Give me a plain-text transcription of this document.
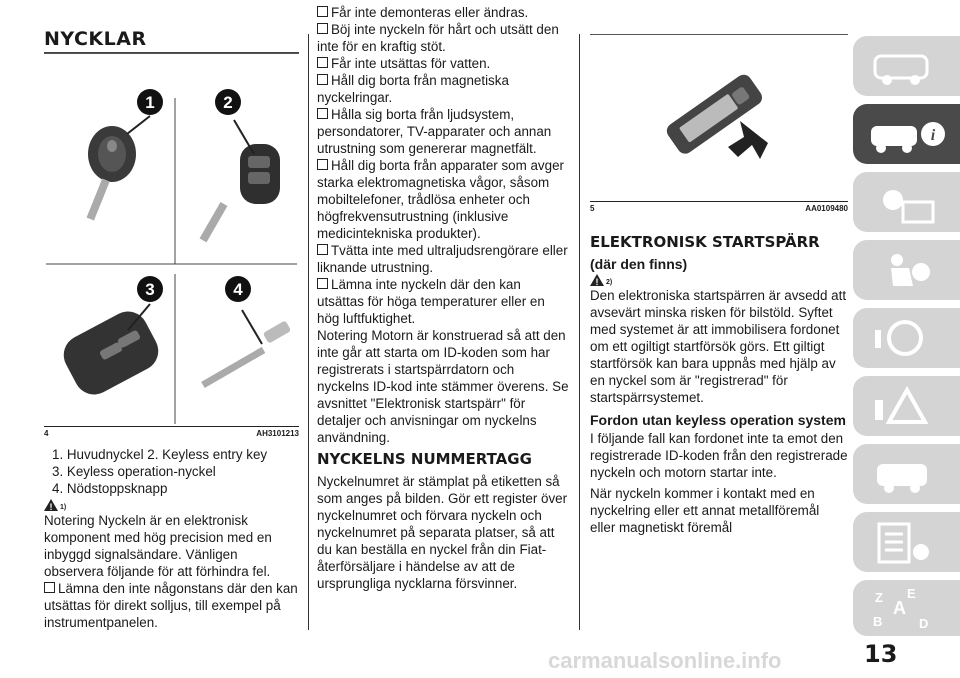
NYCKLAR
1	2
3	4
4	AH3101213
1. Huvudnyckel 2. Keyless entry key
3. Keyless operation-nyckel
4. Nödstoppsknapp
! 1)

Notering Nyckeln är en elektronisk komponent med hög precision med en inbyggd signalsändare. Vänligen observera följande för att förhindra fel.

Lämna den inte någonstans där den kan utsättas för direkt solljus, till exempel på instrumentpanelen.
Får inte demonteras eller ändras.
Böj inte nyckeln för hårt och utsätt den inte för en kraftig stöt.
Får inte utsättas för vatten.
Håll dig borta från magnetiska nyckelringar.
Hålla sig borta från ljudsystem, persondatorer, TV-apparater och annan utrustning som genererar magnetfält.
Håll dig borta från apparater som avger starka elektromagnetiska vågor, såsom mobiltelefoner, trådlösa enheter och högfrekvensutrustning (inklusive medicintekniska produkter).
Tvätta inte med ultraljudsrengörare eller liknande utrustning.
Lämna inte nyckeln där den kan utsättas för höga temperaturer eller en hög luftfuktighet.

Notering Motorn är konstruerad så att den inte går att starta om ID-koden som har registrerats i startspärrdatorn och nyckelns ID-kod inte stämmer överens. Se avsnittet "Elektronisk startspärr" för detaljer och anvisningar om nyckelns användning.

NYCKELNS NUMMERTAGG

Nyckelnumret är stämplat på etiketten så som anges på bilden. Gör ett register över nyckelnumret och förvara nyckeln och nyckelnumret på separata platser, så att du kan beställa en nyckel från din Fiat-återförsäljare i händelse av att de ursprungliga nycklarna försvinner.

5	AA0109480
ELEKTRONISK STARTSPÄRR
(där den finns)
! 2)

Den elektroniska startspärren är avsedd att avsevärt minska risken för bilstöld. Syftet med systemet är att immobilisera fordonet om ett ogiltigt startförsök görs. Ett giltigt startförsök kan bara uppnås med hjälp av en nyckel som är "registrerad" för startspärrsystemet.

Fordon utan keyless operation system

I följande fall kan fordonet inte ta emot den registrerade ID-koden från den registrerade nyckeln och motorn startar inte.

När nyckeln kommer i kontakt med en nyckelring eller ett annat metallföremål eller magnetiskt föremål

i
Z E
A
B	D
carmanualsonline.info	13
